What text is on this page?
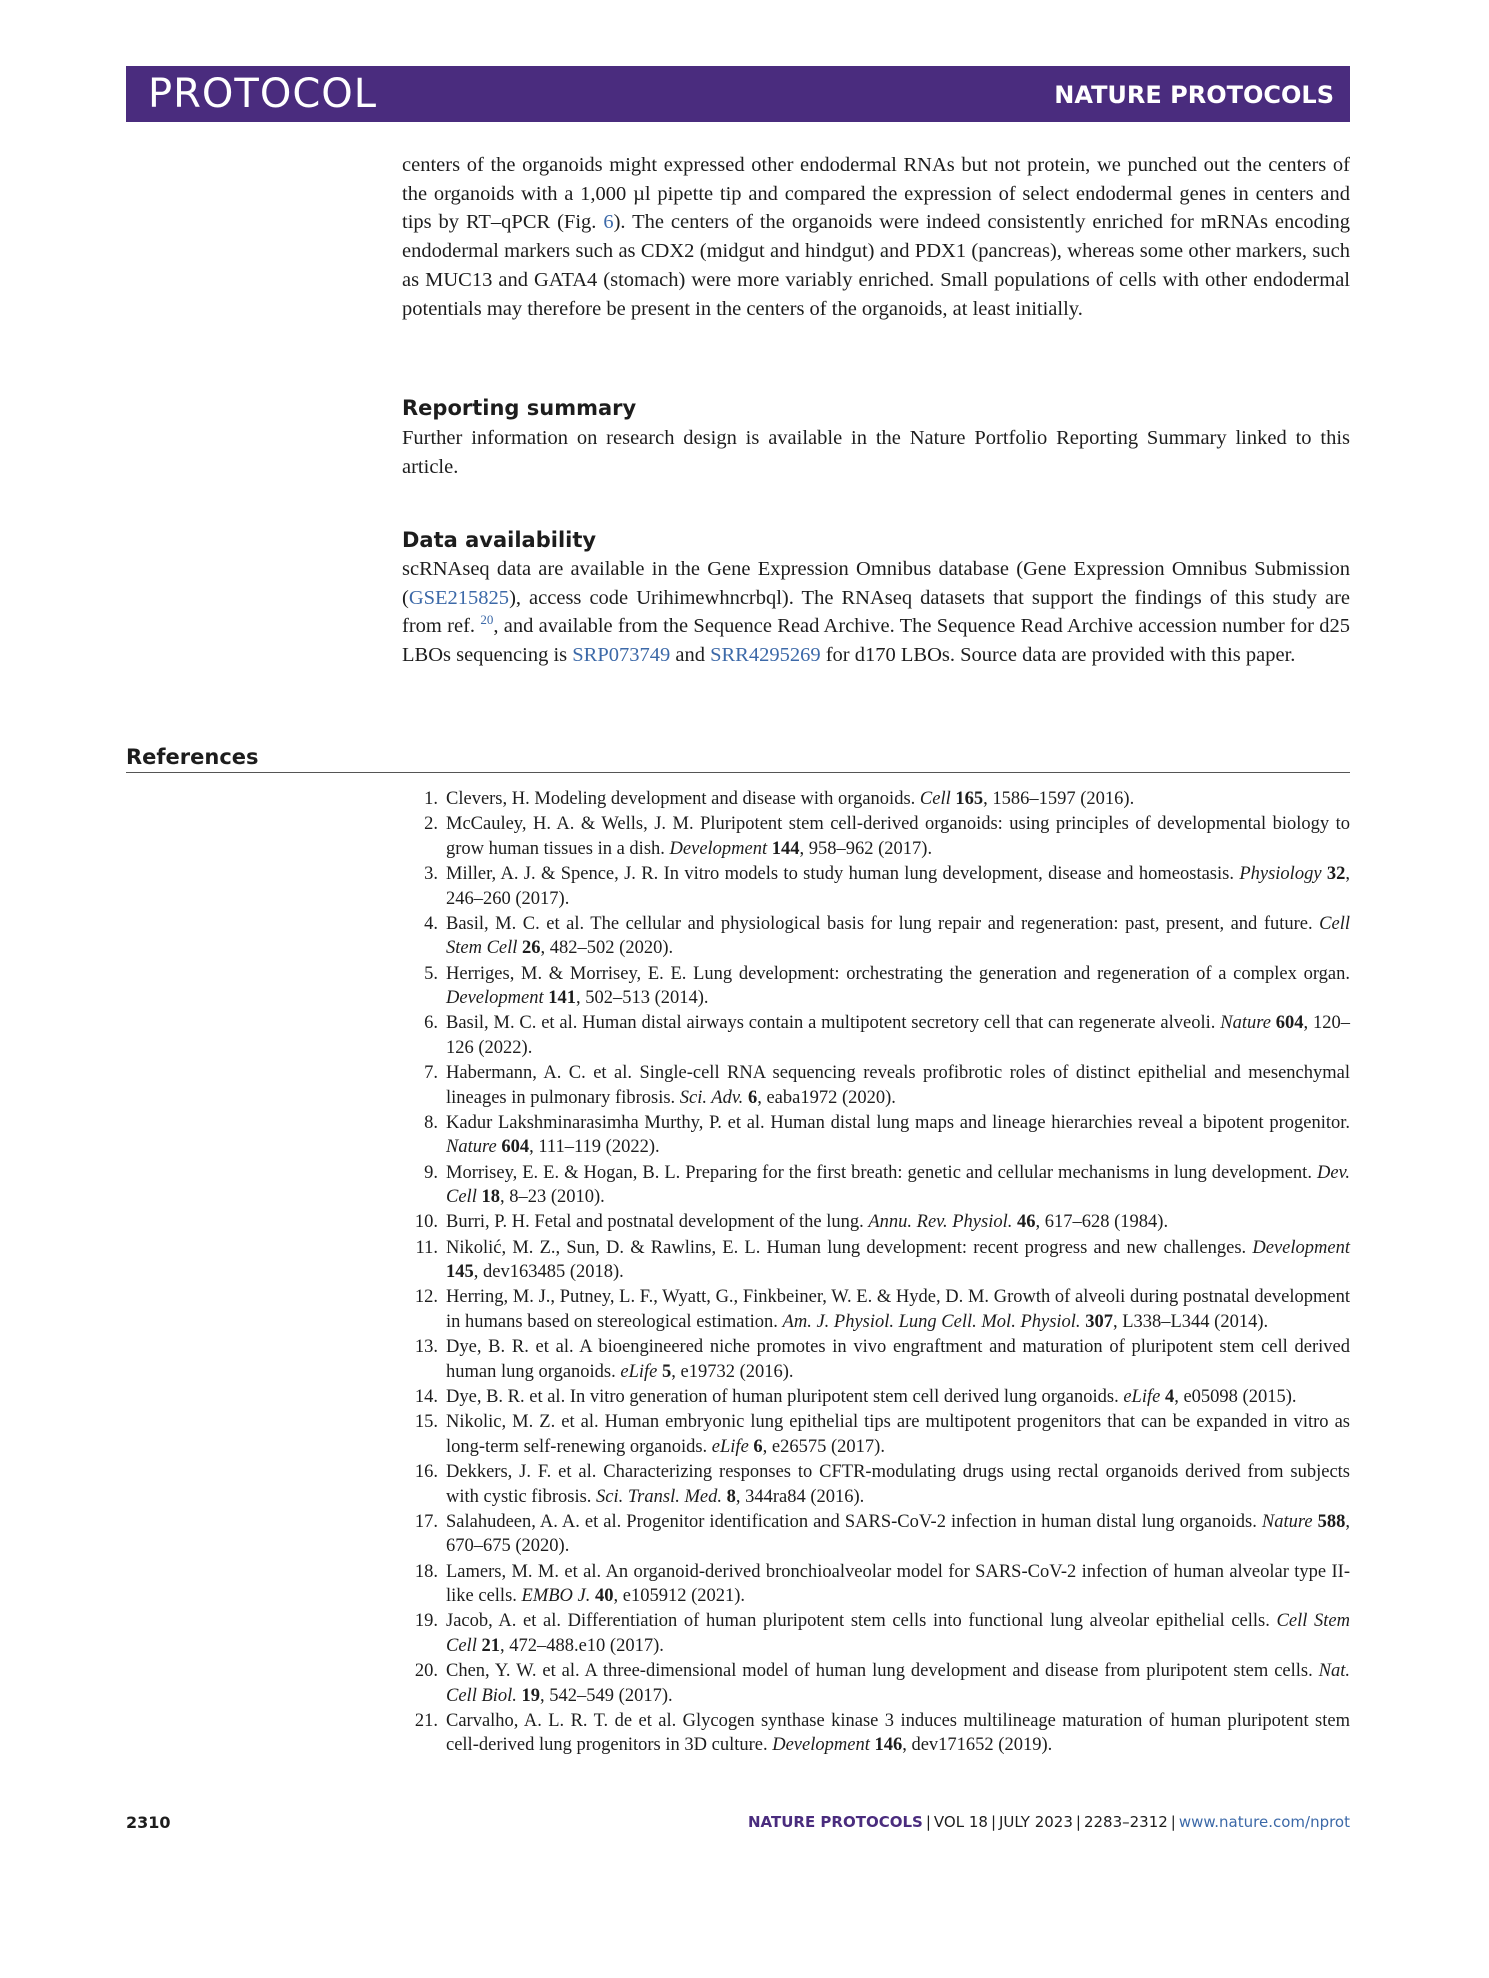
PROTOCOL	NATURE PROTOCOLS
centers of the organoids might expressed other endodermal RNAs but not protein, we punched out the centers of the organoids with a 1,000 µl pipette tip and compared the expression of select endodermal genes in centers and tips by RT–qPCR (Fig. 6). The centers of the organoids were indeed consistently enriched for mRNAs encoding endodermal markers such as CDX2 (midgut and hindgut) and PDX1 (pancreas), whereas some other markers, such as MUC13 and GATA4 (stomach) were more variably enriched. Small populations of cells with other endodermal potentials may therefore be present in the centers of the organoids, at least initially.
Reporting summary
Further information on research design is available in the Nature Portfolio Reporting Summary linked to this article.
Data availability
scRNAseq data are available in the Gene Expression Omnibus database (Gene Expression Omnibus Submission (GSE215825), access code Urihimewhncrbql). The RNAseq datasets that support the findings of this study are from ref. $^{20}$, and available from the Sequence Read Archive. The Sequence Read Archive accession number for d25 LBOs sequencing is SRP073749 and SRR4295269 for d170 LBOs. Source data are provided with this paper.
References
1. Clevers, H. Modeling development and disease with organoids. Cell 165, 1586–1597 (2016).
2. McCauley, H. A. & Wells, J. M. Pluripotent stem cell-derived organoids: using principles of developmental biology to grow human tissues in a dish. Development 144, 958–962 (2017).
3. Miller, A. J. & Spence, J. R. In vitro models to study human lung development, disease and homeostasis. Physiology 32, 246–260 (2017).
4. Basil, M. C. et al. The cellular and physiological basis for lung repair and regeneration: past, present, and future. Cell Stem Cell 26, 482–502 (2020).
5. Herriges, M. & Morrisey, E. E. Lung development: orchestrating the generation and regeneration of a complex organ. Development 141, 502–513 (2014).
6. Basil, M. C. et al. Human distal airways contain a multipotent secretory cell that can regenerate alveoli. Nature 604, 120–126 (2022).
7. Habermann, A. C. et al. Single-cell RNA sequencing reveals profibrotic roles of distinct epithelial and mesenchymal lineages in pulmonary fibrosis. Sci. Adv. 6, eaba1972 (2020).
8. Kadur Lakshminarasimha Murthy, P. et al. Human distal lung maps and lineage hierarchies reveal a bipotent progenitor. Nature 604, 111–119 (2022).
9. Morrisey, E. E. & Hogan, B. L. Preparing for the first breath: genetic and cellular mechanisms in lung development. Dev. Cell 18, 8–23 (2010).
10. Burri, P. H. Fetal and postnatal development of the lung. Annu. Rev. Physiol. 46, 617–628 (1984).
11. Nikolić, M. Z., Sun, D. & Rawlins, E. L. Human lung development: recent progress and new challenges. Development 145, dev163485 (2018).
12. Herring, M. J., Putney, L. F., Wyatt, G., Finkbeiner, W. E. & Hyde, D. M. Growth of alveoli during postnatal development in humans based on stereological estimation. Am. J. Physiol. Lung Cell. Mol. Physiol. 307, L338–L344 (2014).
13. Dye, B. R. et al. A bioengineered niche promotes in vivo engraftment and maturation of pluripotent stem cell derived human lung organoids. eLife 5, e19732 (2016).
14. Dye, B. R. et al. In vitro generation of human pluripotent stem cell derived lung organoids. eLife 4, e05098 (2015).
15. Nikolic, M. Z. et al. Human embryonic lung epithelial tips are multipotent progenitors that can be expanded in vitro as long-term self-renewing organoids. eLife 6, e26575 (2017).
16. Dekkers, J. F. et al. Characterizing responses to CFTR-modulating drugs using rectal organoids derived from subjects with cystic fibrosis. Sci. Transl. Med. 8, 344ra84 (2016).
17. Salahudeen, A. A. et al. Progenitor identification and SARS-CoV-2 infection in human distal lung organoids. Nature 588, 670–675 (2020).
18. Lamers, M. M. et al. An organoid-derived bronchioalveolar model for SARS-CoV-2 infection of human alveolar type II-like cells. EMBO J. 40, e105912 (2021).
19. Jacob, A. et al. Differentiation of human pluripotent stem cells into functional lung alveolar epithelial cells. Cell Stem Cell 21, 472–488.e10 (2017).
20. Chen, Y. W. et al. A three-dimensional model of human lung development and disease from pluripotent stem cells. Nat. Cell Biol. 19, 542–549 (2017).
21. Carvalho, A. L. R. T. de et al. Glycogen synthase kinase 3 induces multilineage maturation of human pluripotent stem cell-derived lung progenitors in 3D culture. Development 146, dev171652 (2019).
2310	NATURE PROTOCOLS | VOL 18 | JULY 2023 | 2283–2312 | www.nature.com/nprot
